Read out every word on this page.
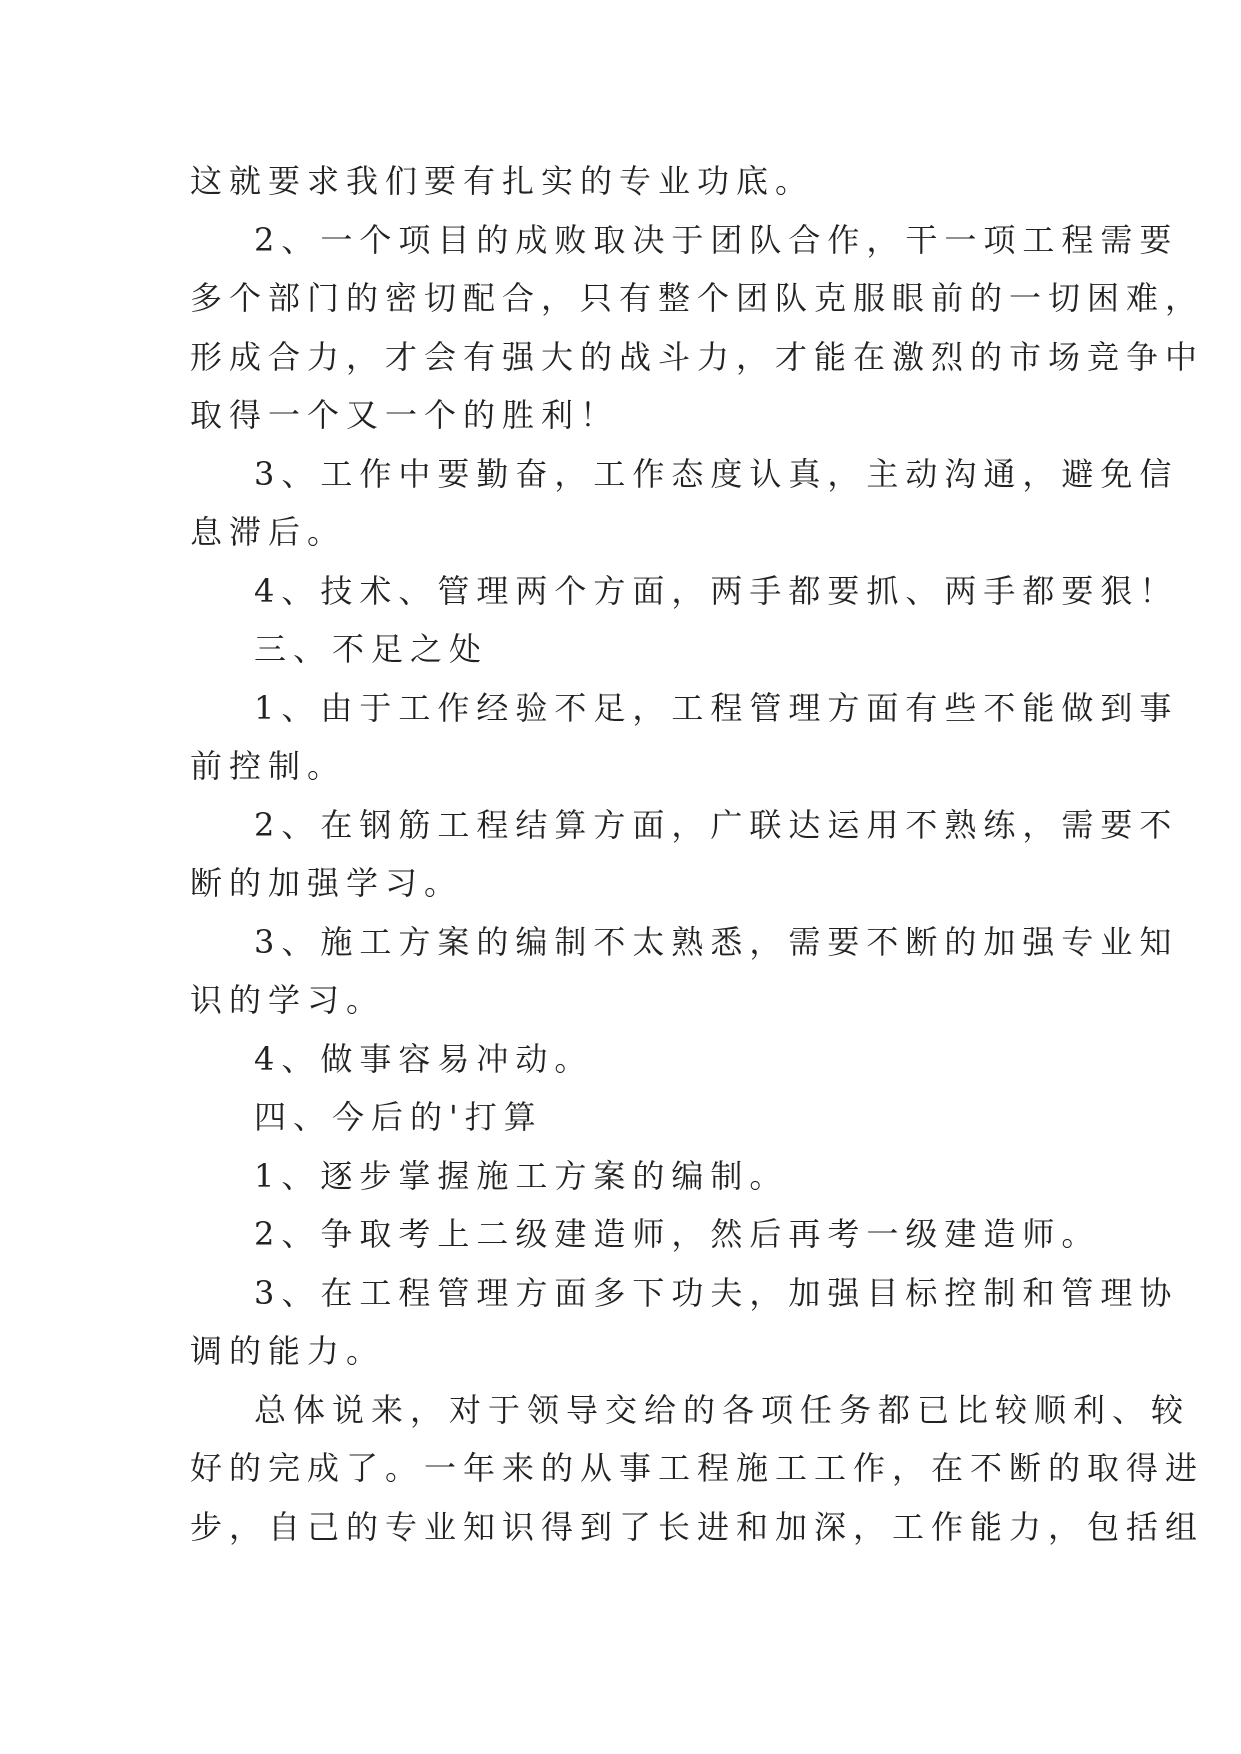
这就要求我们要有扎实的专业功底。
2、一个项目的成败取决于团队合作，干一项工程需要
多个部门的密切配合，只有整个团队克服眼前的一切困难，
形成合力，才会有强大的战斗力，才能在激烈的市场竞争中
取得一个又一个的胜利！
3、工作中要勤奋，工作态度认真，主动沟通，避免信
息滞后。
4、技术、管理两个方面，两手都要抓、两手都要狠！
三、不足之处
1、由于工作经验不足，工程管理方面有些不能做到事
前控制。
2、在钢筋工程结算方面，广联达运用不熟练，需要不
断的加强学习。
3、施工方案的编制不太熟悉，需要不断的加强专业知
识的学习。
4、做事容易冲动。
四、今后的'打算
1、逐步掌握施工方案的编制。
2、争取考上二级建造师，然后再考一级建造师。
3、在工程管理方面多下功夫，加强目标控制和管理协
调的能力。
总体说来，对于领导交给的各项任务都已比较顺利、较
好的完成了。一年来的从事工程施工工作，在不断的取得进
步，自己的专业知识得到了长进和加深，工作能力，包括组
